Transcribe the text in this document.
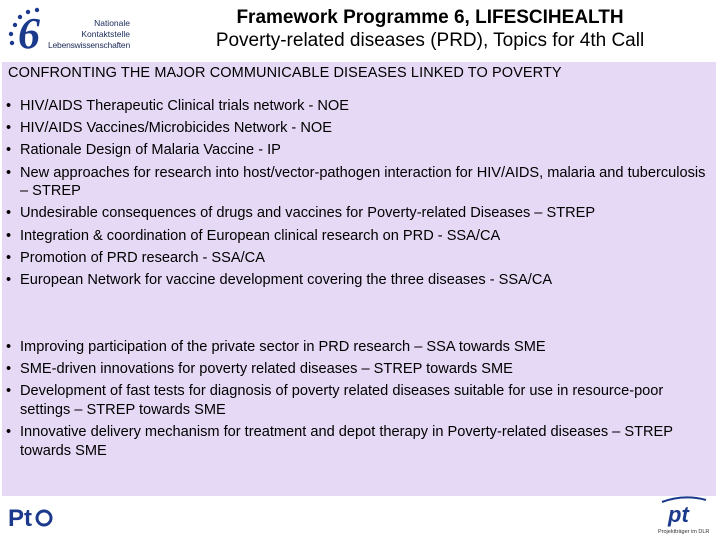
6	Nationale
Kontaktstelle
Lebenswissenschaften
Framework Programme 6, LIFESCIHEALTH
Poverty-related diseases (PRD), Topics for 4th Call
CONFRONTING THE MAJOR COMMUNICABLE DISEASES LINKED TO POVERTY
• HIV/AIDS Therapeutic Clinical trials network - NOE
• HIV/AIDS Vaccines/Microbicides Network - NOE
• Rationale Design of Malaria Vaccine - IP
• New approaches for research into host/vector-pathogen interaction for HIV/AIDS, malaria and tuberculosis – STREP
• Undesirable consequences of drugs and vaccines for Poverty-related Diseases – STREP
• Integration & coordination of European clinical research on PRD - SSA/CA
• Promotion of PRD research - SSA/CA
• European Network for vaccine development covering the three diseases - SSA/CA
• Improving participation of the private sector in PRD research – SSA towards SME
• SME-driven innovations for poverty related diseases – STREP towards SME
• Development of fast tests for diagnosis of poverty related diseases suitable for use in resource-poor settings – STREP towards SME
• Innovative delivery mechanism for treatment and depot therapy in Poverty-related diseases – STREP towards SME
Pt	pt
Projektträger im DLR
